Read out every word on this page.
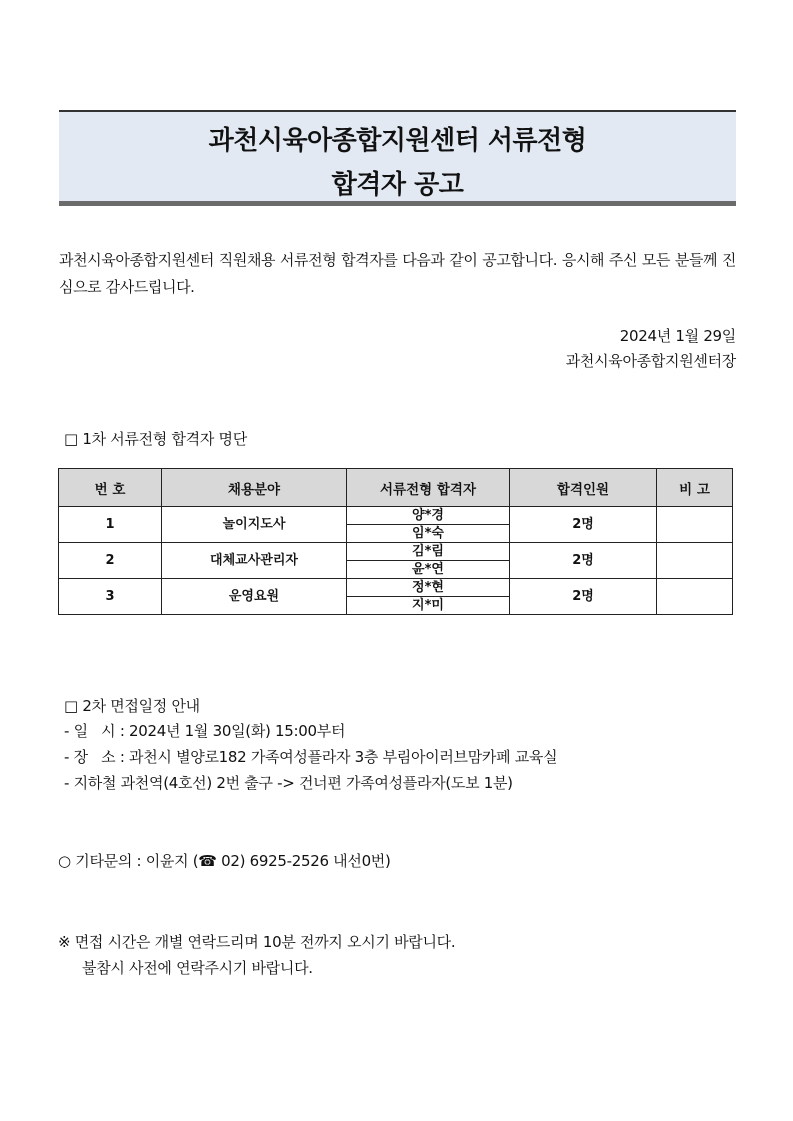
과천시육아종합지원센터 서류전형
합격자 공고
과천시육아종합지원센터 직원채용 서류전형 합격자를 다음과 같이 공고합니다. 응시해 주신 모든 분들께 진심으로 감사드립니다.
2024년 1월 29일
과천시육아종합지원센터장
□ 1차 서류전형 합격자 명단
번 호	채용분야	서류전형 합격자	합격인원	비 고
1	놀이지도사	양*경	2명	
		임*숙		
2	대체교사관리자	김*림	2명	
		윤*연		
3	운영요원	정*현	2명	
		지*미		
□ 2차 면접일정 안내
- 일   시 : 2024년 1월 30일(화) 15:00부터
- 장   소 : 과천시 별양로182 가족여성플라자 3층 부림아이러브맘카페 교육실
- 지하철 과천역(4호선) 2번 출구 -> 건너편 가족여성플라자(도보 1분)
○ 기타문의 : 이윤지 (☎ 02) 6925-2526 내선0번)
※ 면접 시간은 개별 연락드리며 10분 전까지 오시기 바랍니다.
불참시 사전에 연락주시기 바랍니다.
